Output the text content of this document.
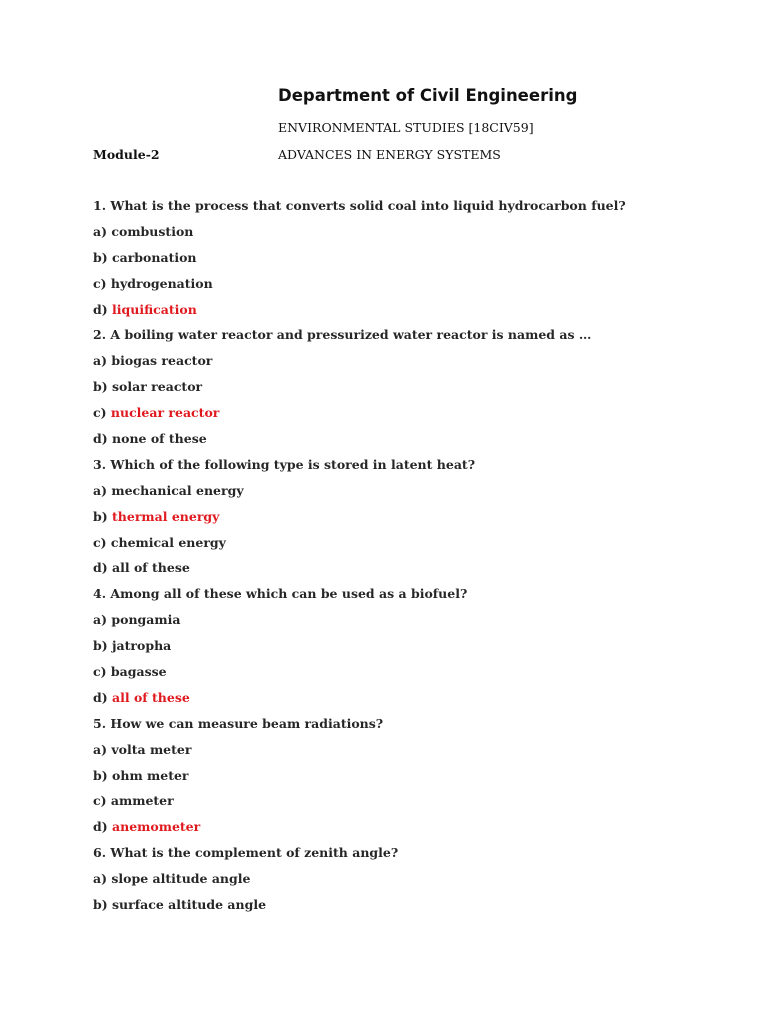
Department of Civil Engineering
ENVIRONMENTAL STUDIES [18CIV59]
Module-2	ADVANCES IN ENERGY SYSTEMS
1. What is the process that converts solid coal into liquid hydrocarbon fuel?
a) combustion
b) carbonation
c) hydrogenation
d) liquification
2. A boiling water reactor and pressurized water reactor is named as …
a) biogas reactor
b) solar reactor
c) nuclear reactor
d) none of these
3. Which of the following type is stored in latent heat?
a) mechanical energy
b) thermal energy
c) chemical energy
d) all of these
4. Among all of these which can be used as a biofuel?
a) pongamia
b) jatropha
c) bagasse
d) all of these
5. How we can measure beam radiations?
a) volta meter
b) ohm meter
c) ammeter
d) anemometer
6. What is the complement of zenith angle?
a) slope altitude angle
b) surface altitude angle
